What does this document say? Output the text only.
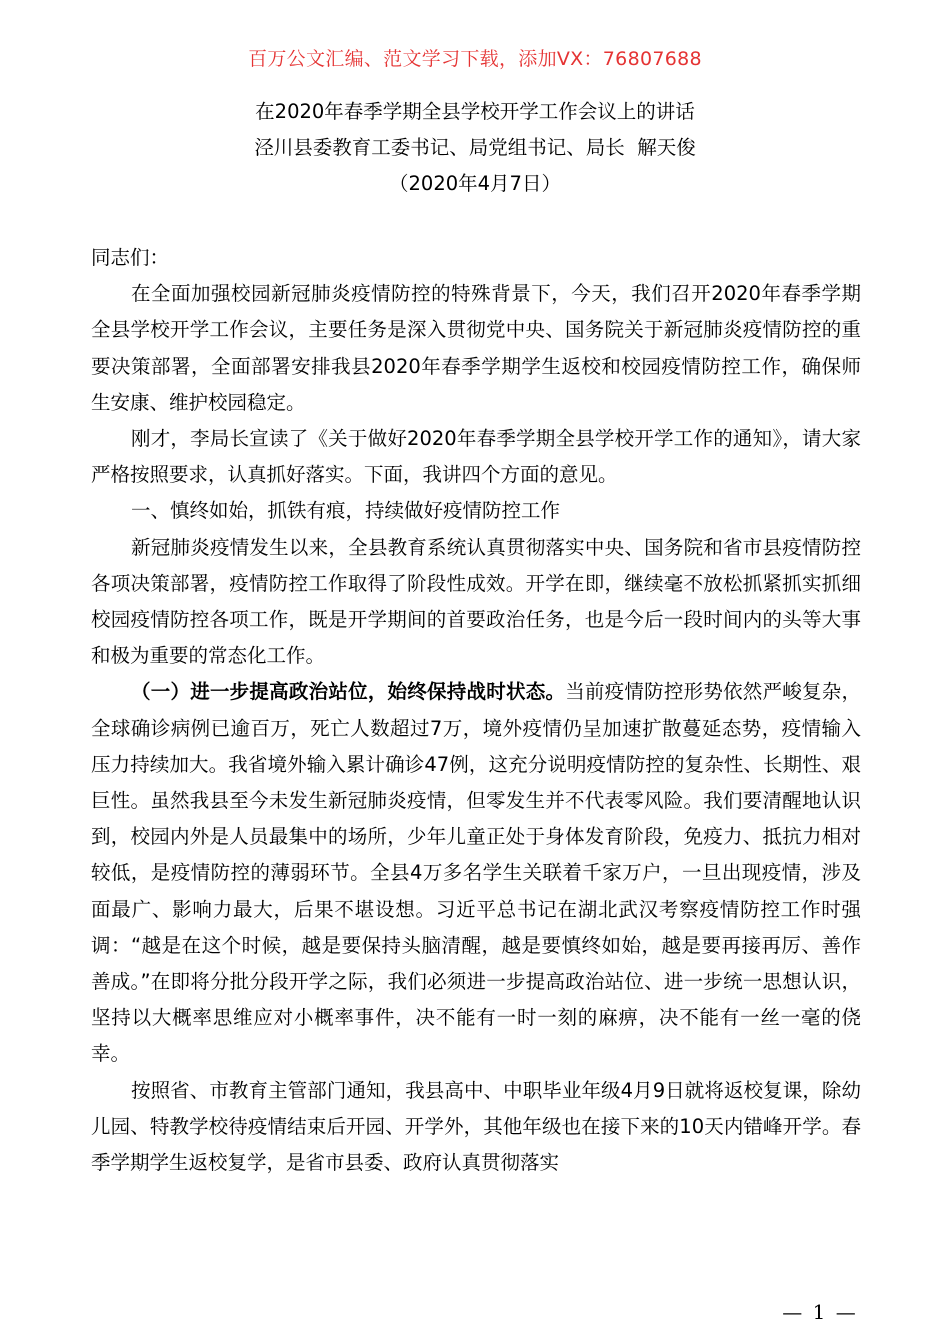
百万公文汇编、范文学习下载，添加VX：76807688
在2020年春季学期全县学校开学工作会议上的讲话
泾川县委教育工委书记、局党组书记、局长  解天俊
（2020年4月7日）

同志们：

在全面加强校园新冠肺炎疫情防控的特殊背景下，今天，我们召开2020年春季学期全县学校开学工作会议，主要任务是深入贯彻党中央、国务院关于新冠肺炎疫情防控的重要决策部署，全面部署安排我县2020年春季学期学生返校和校园疫情防控工作，确保师生安康、维护校园稳定。

刚才，李局长宣读了《关于做好2020年春季学期全县学校开学工作的通知》，请大家严格按照要求，认真抓好落实。下面，我讲四个方面的意见。

一、慎终如始，抓铁有痕，持续做好疫情防控工作

新冠肺炎疫情发生以来，全县教育系统认真贯彻落实中央、国务院和省市县疫情防控各项决策部署，疫情防控工作取得了阶段性成效。开学在即，继续毫不放松抓紧抓实抓细校园疫情防控各项工作，既是开学期间的首要政治任务，也是今后一段时间内的头等大事和极为重要的常态化工作。

（一）进一步提高政治站位，始终保持战时状态。当前疫情防控形势依然严峻复杂，全球确诊病例已逾百万，死亡人数超过7万，境外疫情仍呈加速扩散蔓延态势，疫情输入压力持续加大。我省境外输入累计确诊47例，这充分说明疫情防控的复杂性、长期性、艰巨性。虽然我县至今未发生新冠肺炎疫情，但零发生并不代表零风险。我们要清醒地认识到，校园内外是人员最集中的场所，少年儿童正处于身体发育阶段，免疫力、抵抗力相对较低，是疫情防控的薄弱环节。全县4万多名学生关联着千家万户，一旦出现疫情，涉及面最广、影响力最大，后果不堪设想。习近平总书记在湖北武汉考察疫情防控工作时强调：“越是在这个时候，越是要保持头脑清醒，越是要慎终如始，越是要再接再厉、善作善成。”在即将分批分段开学之际，我们必须进一步提高政治站位、进一步统一思想认识，坚持以大概率思维应对小概率事件，决不能有一时一刻的麻痹，决不能有一丝一毫的侥幸。

按照省、市教育主管部门通知，我县高中、中职毕业年级4月9日就将返校复课，除幼儿园、特教学校待疫情结束后开园、开学外，其他年级也在接下来的10天内错峰开学。春季学期学生返校复学，是省市县委、政府认真贯彻落实

— 1 —
